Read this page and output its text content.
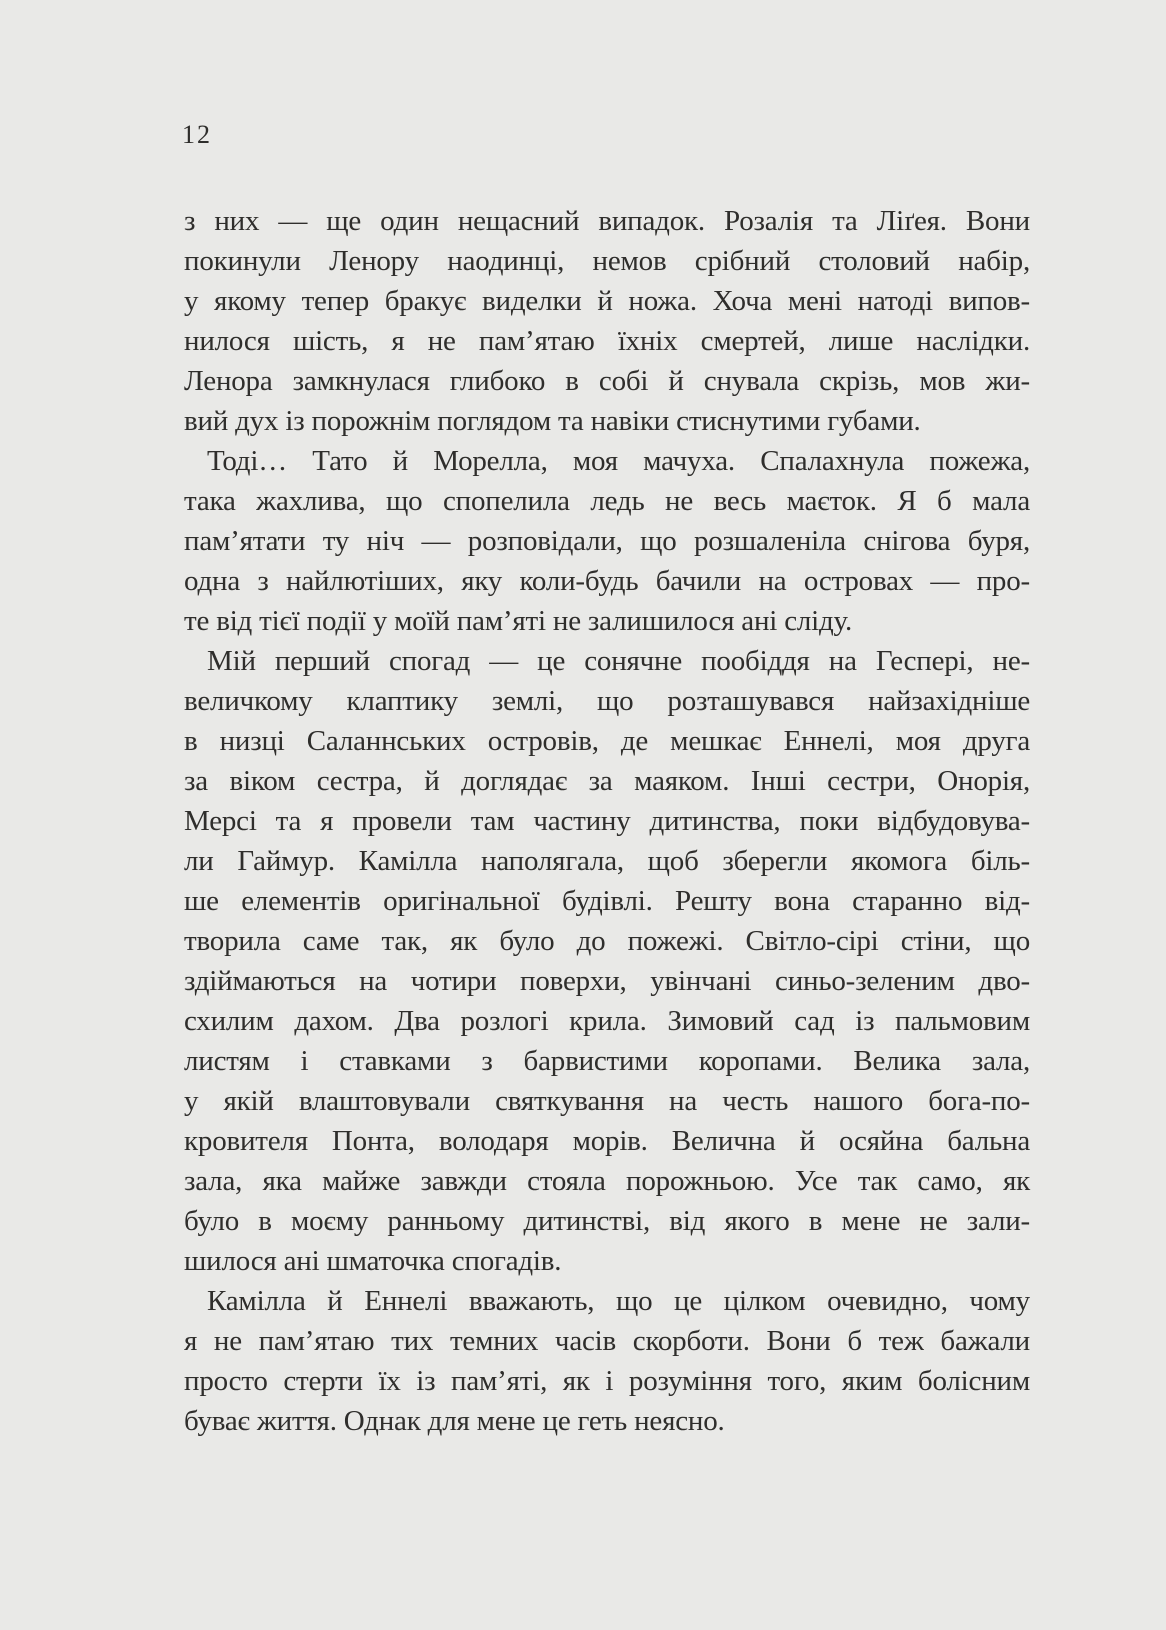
12
з них — ще один нещасний випадок. Розалія та Ліґея. Вони
покинули Ленору наодинці, немов срібний столовий набір,
у якому тепер бракує виделки й ножа. Хоча мені натоді випов-
нилося шість, я не пам’ятаю їхніх смертей, лише наслідки.
Ленора замкнулася глибоко в собі й снувала скрізь, мов жи-
вий дух із порожнім поглядом та навіки стиснутими губами.
Тоді… Тато й Морелла, моя мачуха. Спалахнула пожежа,
така жахлива, що спопелила ледь не весь маєток. Я б мала
пам’ятати ту ніч — розповідали, що розшаленіла снігова буря,
одна з найлютіших, яку коли-будь бачили на островах — про-
те від тієї події у моїй пам’яті не залишилося ані сліду.
Мій перший спогад — це сонячне пообіддя на Геспері, не-
величкому клаптику землі, що розташувався найзахідніше
в низці Саланнських островів, де мешкає Еннелі, моя друга
за віком сестра, й доглядає за маяком. Інші сестри, Онорія,
Мерсі та я провели там частину дитинства, поки відбудовува-
ли Гаймур. Камілла наполягала, щоб зберегли якомога біль-
ше елементів оригінальної будівлі. Решту вона старанно від-
творила саме так, як було до пожежі. Світло-сірі стіни, що
здіймаються на чотири поверхи, увінчані синьо-зеленим дво-
схилим дахом. Два розлогі крила. Зимовий сад із пальмовим
листям і ставками з барвистими коропами. Велика зала,
у якій влаштовували святкування на честь нашого бога-по-
кровителя Понта, володаря морів. Велична й осяйна бальна
зала, яка майже завжди стояла порожньою. Усе так само, як
було в моєму ранньому дитинстві, від якого в мене не зали-
шилося ані шматочка спогадів.
Камілла й Еннелі вважають, що це цілком очевидно, чому
я не пам’ятаю тих темних часів скорботи. Вони б теж бажали
просто стерти їх із пам’яті, як і розуміння того, яким болісним
буває життя. Однак для мене це геть неясно.
